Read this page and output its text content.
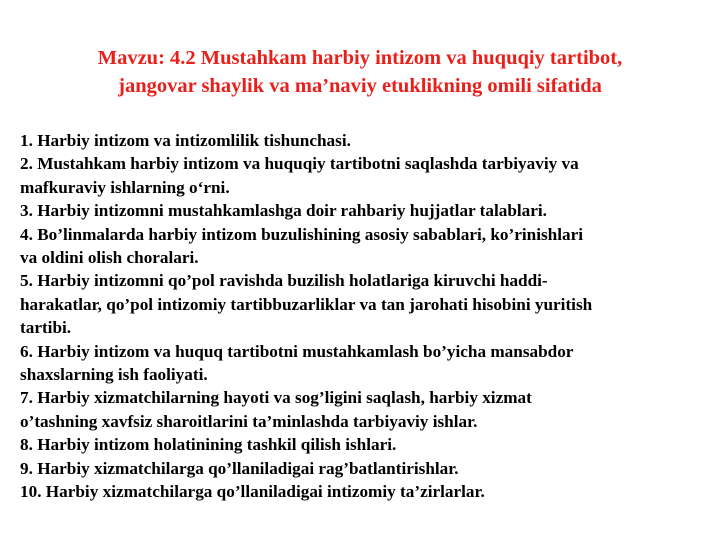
Mavzu: 4.2 Mustahkam harbiy intizom va huquqiy tartibot,
jangovar shaylik va ma’naviy etuklikning omili sifatida
1. Harbiy intizom va intizomlilik tishunchasi.
2. Mustahkam harbiy intizom va huquqiy tartibotni saqlashda tarbiyaviy va
mafkuraviy ishlarning o‘rni.
3. Harbiy intizomni mustahkamlashga doir rahbariy hujjatlar talablari.
4. Bo’linmalarda harbiy intizom buzulishining asosiy sabablari, ko’rinishlari
va oldini olish choralari.
5. Harbiy intizomni qo’pol ravishda buzilish holatlariga kiruvchi haddi-
harakatlar, qo’pol intizomiy tartibbuzarliklar va tan jarohati hisobini yuritish
tartibi.
6. Harbiy intizom va huquq tartibotni mustahkamlash bo’yicha mansabdor
shaxslarning ish faoliyati.
7. Harbiy xizmatchilarning hayoti va sog’ligini saqlash, harbiy xizmat
o’tashning xavfsiz sharoitlarini ta’minlashda tarbiyaviy ishlar.
8. Harbiy intizom holatinining tashkil qilish ishlari.
9. Harbiy xizmatchilarga qo’llaniladigai rag’batlantirishlar.
10. Harbiy xizmatchilarga qo’llaniladigai intizomiy ta’zirlarlar.
